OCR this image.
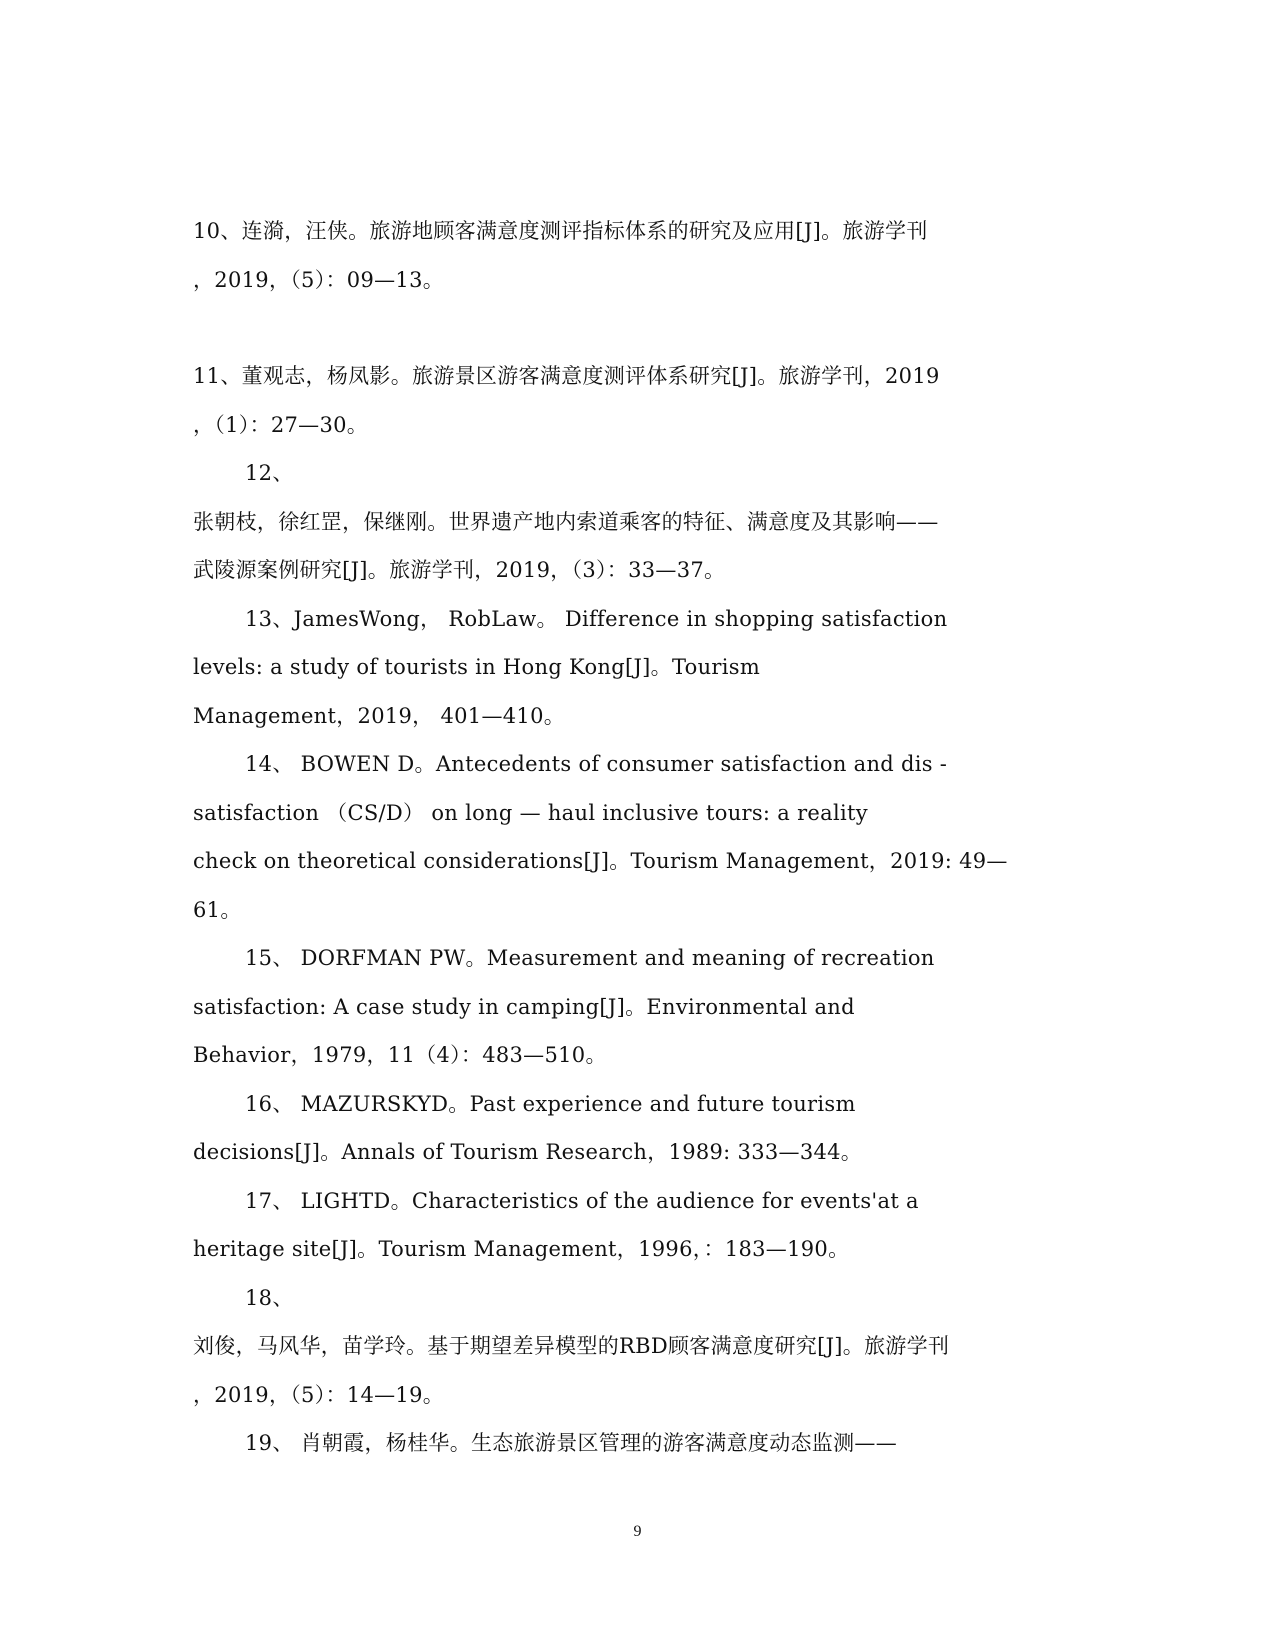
10、连漪，汪侠。旅游地顾客满意度测评指标体系的研究及应用[J]。旅游学刊
，2019，（5）：09—13。
11、董观志，杨凤影。旅游景区游客满意度测评体系研究[J]。旅游学刊，2019
，（1）：27—30。
12、
张朝枝，徐红罡，保继刚。世界遗产地内索道乘客的特征、满意度及其影响——
武陵源案例研究[J]。旅游学刊，2019，（3）：33—37。
13、JamesWong， RobLaw。 Difference in shopping satisfaction
levels: a study of tourists in Hong Kong[J]。Tourism
Management，2019， 401—410。
14、 BOWEN D。Antecedents of consumer satisfaction and dis -
satisfaction （CS/D） on long — haul inclusive tours: a reality
check on theoretical considerations[J]。Tourism Management，2019: 49—
61。
15、 DORFMAN PW。Measurement and meaning of recreation
satisfaction: A case study in camping[J]。Environmental and
Behavior，1979，11（4）：483—510。
16、 MAZURSKYD。Past experience and future tourism
decisions[J]。Annals of Tourism Research，1989: 333—344。
17、 LIGHTD。Characteristics of the audience for events'at a
heritage site[J]。Tourism Management，1996，：183—190。
18、
刘俊，马风华，苗学玲。基于期望差异模型的RBD顾客满意度研究[J]。旅游学刊
，2019，（5）：14—19。
19、 肖朝霞，杨桂华。生态旅游景区管理的游客满意度动态监测——
9
